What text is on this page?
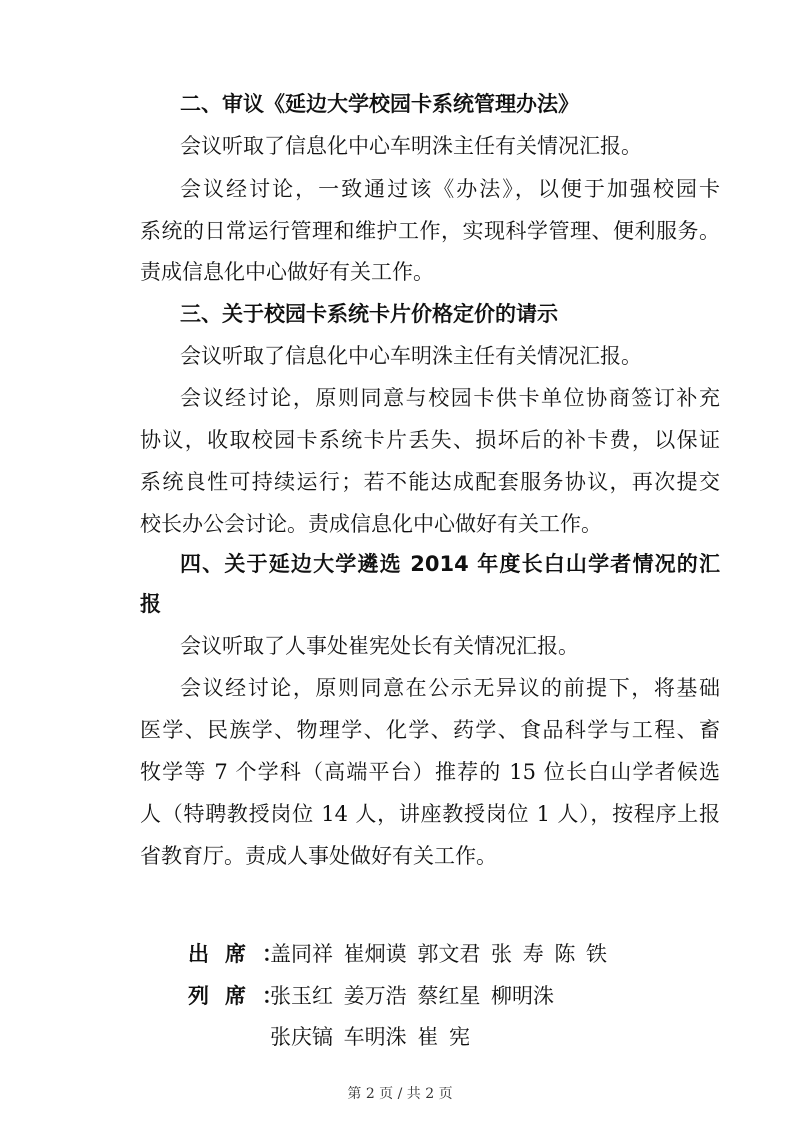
二、审议《延边大学校园卡系统管理办法》
会议听取了信息化中心车明洙主任有关情况汇报。
会议经讨论，一致通过该《办法》，以便于加强校园卡
系统的日常运行管理和维护工作，实现科学管理、便利服务。
责成信息化中心做好有关工作。
三、关于校园卡系统卡片价格定价的请示
会议听取了信息化中心车明洙主任有关情况汇报。
会议经讨论，原则同意与校园卡供卡单位协商签订补充
协议，收取校园卡系统卡片丢失、损坏后的补卡费，以保证
系统良性可持续运行；若不能达成配套服务协议，再次提交
校长办公会讨论。责成信息化中心做好有关工作。
四、关于延边大学遴选 2014 年度长白山学者情况的汇
报
会议听取了人事处崔宪处长有关情况汇报。
会议经讨论，原则同意在公示无异议的前提下，将基础
医学、民族学、物理学、化学、药学、食品科学与工程、畜
牧学等 7 个学科（高端平台）推荐的 15 位长白山学者候选
人（特聘教授岗位 14 人，讲座教授岗位 1 人），按程序上报
省教育厅。责成人事处做好有关工作。
出席：
盖同祥 崔炯谟 郭文君 张 寿 陈 铁
列席：
张玉红 姜万浩 蔡红星 柳明洙
张庆镐 车明洙 崔 宪
第 2 页 / 共 2 页
